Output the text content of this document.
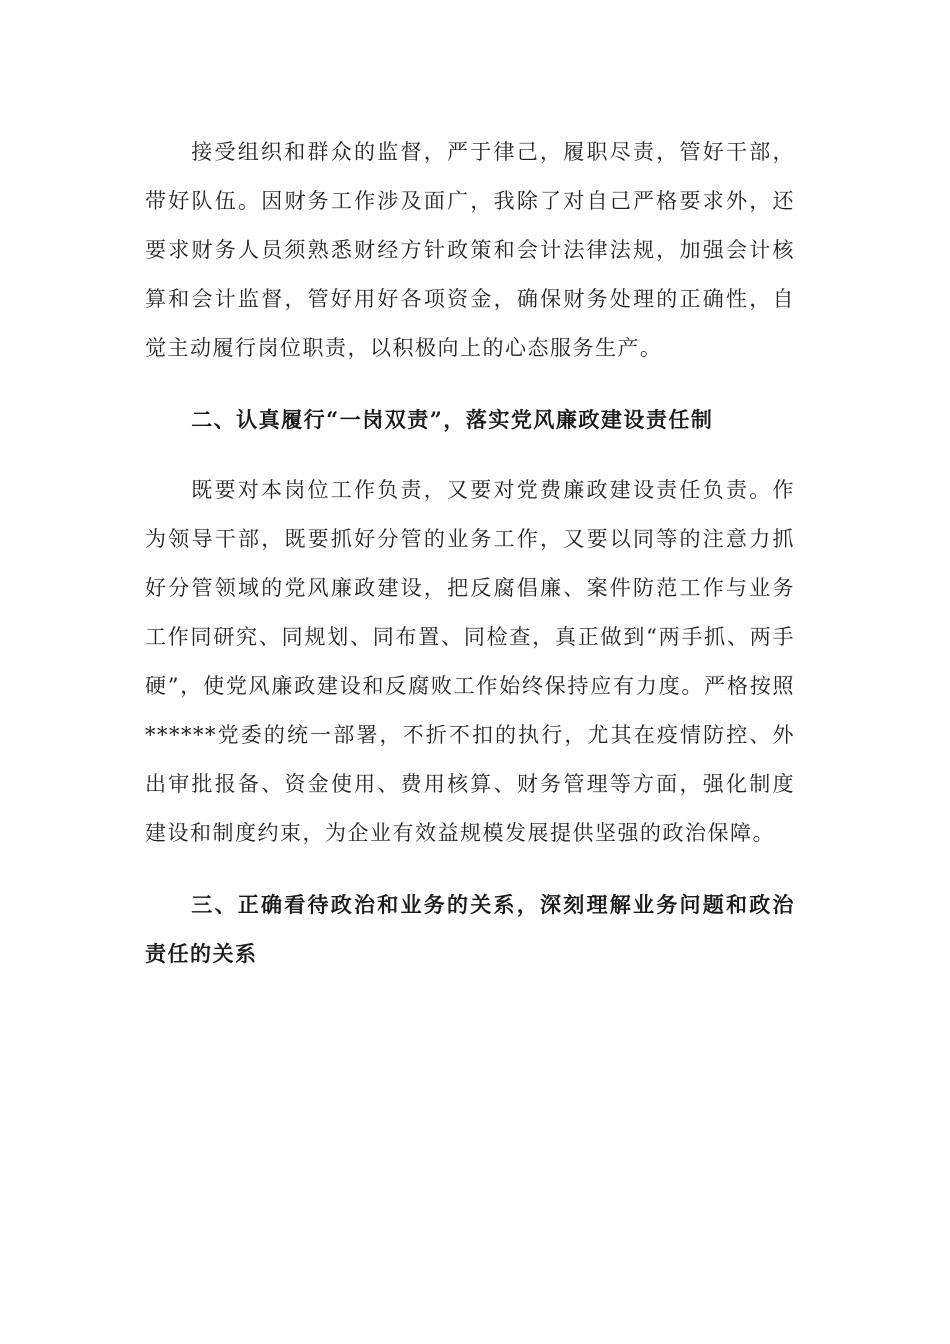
接受组织和群众的监督，严于律己，履职尽责，管好干部，带好队伍。因财务工作涉及面广，我除了对自己严格要求外，还要求财务人员须熟悉财经方针政策和会计法律法规，加强会计核算和会计监督，管好用好各项资金，确保财务处理的正确性，自觉主动履行岗位职责，以积极向上的心态服务生产。

二、认真履行“一岗双责”，落实党风廉政建设责任制

既要对本岗位工作负责，又要对党费廉政建设责任负责。作为领导干部，既要抓好分管的业务工作，又要以同等的注意力抓好分管领域的党风廉政建设，把反腐倡廉、案件防范工作与业务工作同研究、同规划、同布置、同检查，真正做到“两手抓、两手硬”，使党风廉政建设和反腐败工作始终保持应有力度。严格按照******党委的统一部署，不折不扣的执行，尤其在疫情防控、外出审批报备、资金使用、费用核算、财务管理等方面，强化制度建设和制度约束，为企业有效益规模发展提供坚强的政治保障。

三、正确看待政治和业务的关系，深刻理解业务问题和政治责任的关系
